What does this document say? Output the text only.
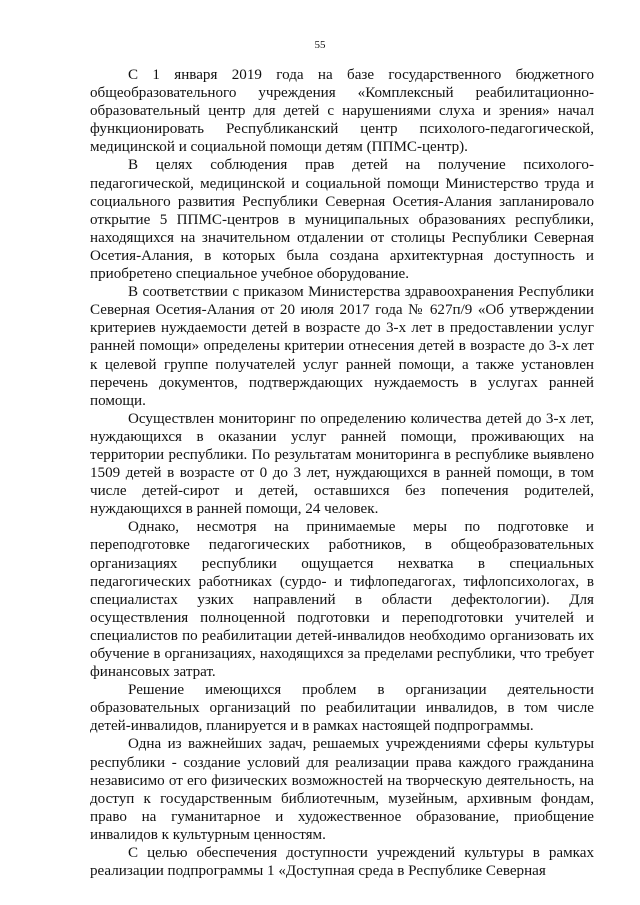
55

С 1 января 2019 года на базе государственного бюджетного общеобразовательного учреждения «Комплексный реабилитационно-образовательный центр для детей с нарушениями слуха и зрения» начал функционировать Республиканский центр психолого-педагогической, медицинской и социальной помощи детям (ППМС-центр).

В целях соблюдения прав детей на получение психолого-педагогической, медицинской и социальной помощи Министерство труда и социального развития Республики Северная Осетия-Алания запланировало открытие 5 ППМС-центров в муниципальных образованиях республики, находящихся на значительном отдалении от столицы Республики Северная Осетия-Алания, в которых была создана архитектурная доступность и приобретено специальное учебное оборудование.

В соответствии с приказом Министерства здравоохранения Республики Северная Осетия-Алания от 20 июля 2017 года № 627п/9 «Об утверждении критериев нуждаемости детей в возрасте до 3-х лет в предоставлении услуг ранней помощи» определены критерии отнесения детей в возрасте до 3-х лет к целевой группе получателей услуг ранней помощи, а также установлен перечень документов, подтверждающих нуждаемость в услугах ранней помощи.

Осуществлен мониторинг по определению количества детей до 3-х лет, нуждающихся в оказании услуг ранней помощи, проживающих на территории республики. По результатам мониторинга в республике выявлено 1509 детей в возрасте от 0 до 3 лет, нуждающихся в ранней помощи, в том числе детей-сирот и детей, оставшихся без попечения родителей, нуждающихся в ранней помощи, 24 человек.

Однако, несмотря на принимаемые меры по подготовке и переподготовке педагогических работников, в общеобразовательных организациях республики ощущается нехватка в специальных педагогических работниках (сурдо- и тифлопедагогах, тифлопсихологах, в специалистах узких направлений в области дефектологии). Для осуществления полноценной подготовки и переподготовки учителей и специалистов по реабилитации детей-инвалидов необходимо организовать их обучение в организациях, находящихся за пределами республики, что требует финансовых затрат.

Решение имеющихся проблем в организации деятельности образовательных организаций по реабилитации инвалидов, в том числе детей-инвалидов, планируется и в рамках настоящей подпрограммы.

Одна из важнейших задач, решаемых учреждениями сферы культуры республики - создание условий для реализации права каждого гражданина независимо от его физических возможностей на творческую деятельность, на доступ к государственным библиотечным, музейным, архивным фондам, право на гуманитарное и художественное образование, приобщение инвалидов к культурным ценностям.

С целью обеспечения доступности учреждений культуры в рамках реализации подпрограммы 1 «Доступная среда в Республике Северная
